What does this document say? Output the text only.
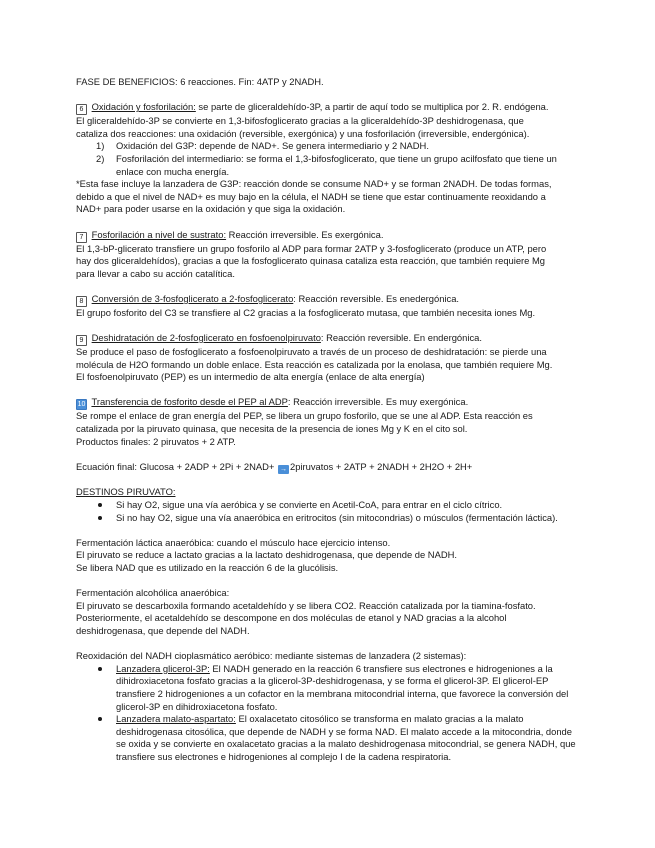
FASE DE BENEFICIOS: 6 reacciones. Fin: 4ATP y 2NADH.

6 Oxidación y fosforilación: se parte de gliceraldehído-3P, a partir de aquí todo se multiplica por 2. R. endógena.

El gliceraldehído-3P se convierte en 1,3-bifosfoglicerato gracias a la gliceraldehído-3P deshidrogenasa, que

cataliza dos reacciones: una oxidación (reversible, exergónica) y una fosforilación (irreversible, endergónica).

1) Oxidación del G3P: depende de NAD+. Se genera intermediario y 2 NADH.
2) Fosforilación del intermediario: se forma el 1,3-bifosfoglicerato, que tiene un grupo acilfosfato que tiene un enlace con mucha energía.

*Esta fase incluye la lanzadera de G3P: reacción donde se consume NAD+ y se forman 2NADH. De todas formas,

debido a que el nivel de NAD+ es muy bajo en la célula, el NADH se tiene que estar continuamente reoxidando a

NAD+ para poder usarse en la oxidación y que siga la oxidación.

7 Fosforilación a nivel de sustrato: Reacción irreversible. Es exergónica.

El 1,3-bP-glicerato transfiere un grupo fosforilo al ADP para formar 2ATP y 3-fosfoglicerato (produce un ATP, pero

hay dos gliceraldehídos), gracias a que la fosfoglicerato quinasa cataliza esta reacción, que también requiere Mg

para llevar a cabo su acción catalítica.

8 Conversión de 3-fosfoglicerato a 2-fosfoglicerato: Reacción reversible. Es enedergónica.

El grupo fosforito del C3 se transfiere al C2 gracias a la fosfoglicerato mutasa, que también necesita iones Mg.

9 Deshidratación de 2-fosfoglicerato en fosfoenolpiruvato: Reacción reversible. En endergónica.

Se produce el paso de fosfoglicerato a fosfoenolpiruvato a través de un proceso de deshidratación: se pierde una

molécula de H2O formando un doble enlace. Esta reacción es catalizada por la enolasa, que también requiere Mg.

El fosfoenolpiruvato (PEP) es un intermedio de alta energía (enlace de alta energía)

10 Transferencia de fosforito desde el PEP al ADP: Reacción irreversible. Es muy exergónica.

Se rompe el enlace de gran energía del PEP, se libera un grupo fosforilo, que se une al ADP. Esta reacción es

catalizada por la piruvato quinasa, que necesita de la presencia de iones Mg y K en el cito sol.

Productos finales: 2 piruvatos + 2 ATP.

Ecuación final: Glucosa + 2ADP + 2Pi + 2NAD+ → 2piruvatos + 2ATP + 2NADH + 2H2O + 2H+

DESTINOS PIRUVATO:

Si hay O2, sigue una vía aeróbica y se convierte en Acetil-CoA, para entrar en el ciclo cítrico.
Si no hay O2, sigue una vía anaeróbica en eritrocitos (sin mitocondrias) o músculos (fermentación láctica).

Fermentación láctica anaeróbica: cuando el músculo hace ejercicio intenso.

El piruvato se reduce a lactato gracias a la lactato deshidrogenasa, que depende de NADH.

Se libera NAD que es utilizado en la reacción 6 de la glucólisis.

Fermentación alcohólica anaeróbica:

El piruvato se descarboxila formando acetaldehído y se libera CO2. Reacción catalizada por la tiamina-fosfato.

Posteriormente, el acetaldehído se descompone en dos moléculas de etanol y NAD gracias a la alcohol

deshidrogenasa, que depende del NADH.

Reoxidación del NADH cioplasmático aeróbico: mediante sistemas de lanzadera (2 sistemas):

Lanzadera glicerol-3P: El NADH generado en la reacción 6 transfiere sus electrones e hidrogeniones a la dihidroxiacetona fosfato gracias a la glicerol-3P-deshidrogenasa, y se forma el glicerol-3P. El glicerol-EP transfiere 2 hidrogeniones a un cofactor en la membrana mitocondrial interna, que favorece la conversión del glicerol-3P en dihidroxiacetona fosfato.
Lanzadera malato-aspartato: El oxalacetato citosólico se transforma en malato gracias a la malato deshidrogenasa citosólica, que depende de NADH y se forma NAD. El malato accede a la mitocondria, donde se oxida y se convierte en oxalacetato gracias a la malato deshidrogenasa mitocondrial, se genera NADH, que transfiere sus electrones e hidrogeniones al complejo I de la cadena respiratoria.
